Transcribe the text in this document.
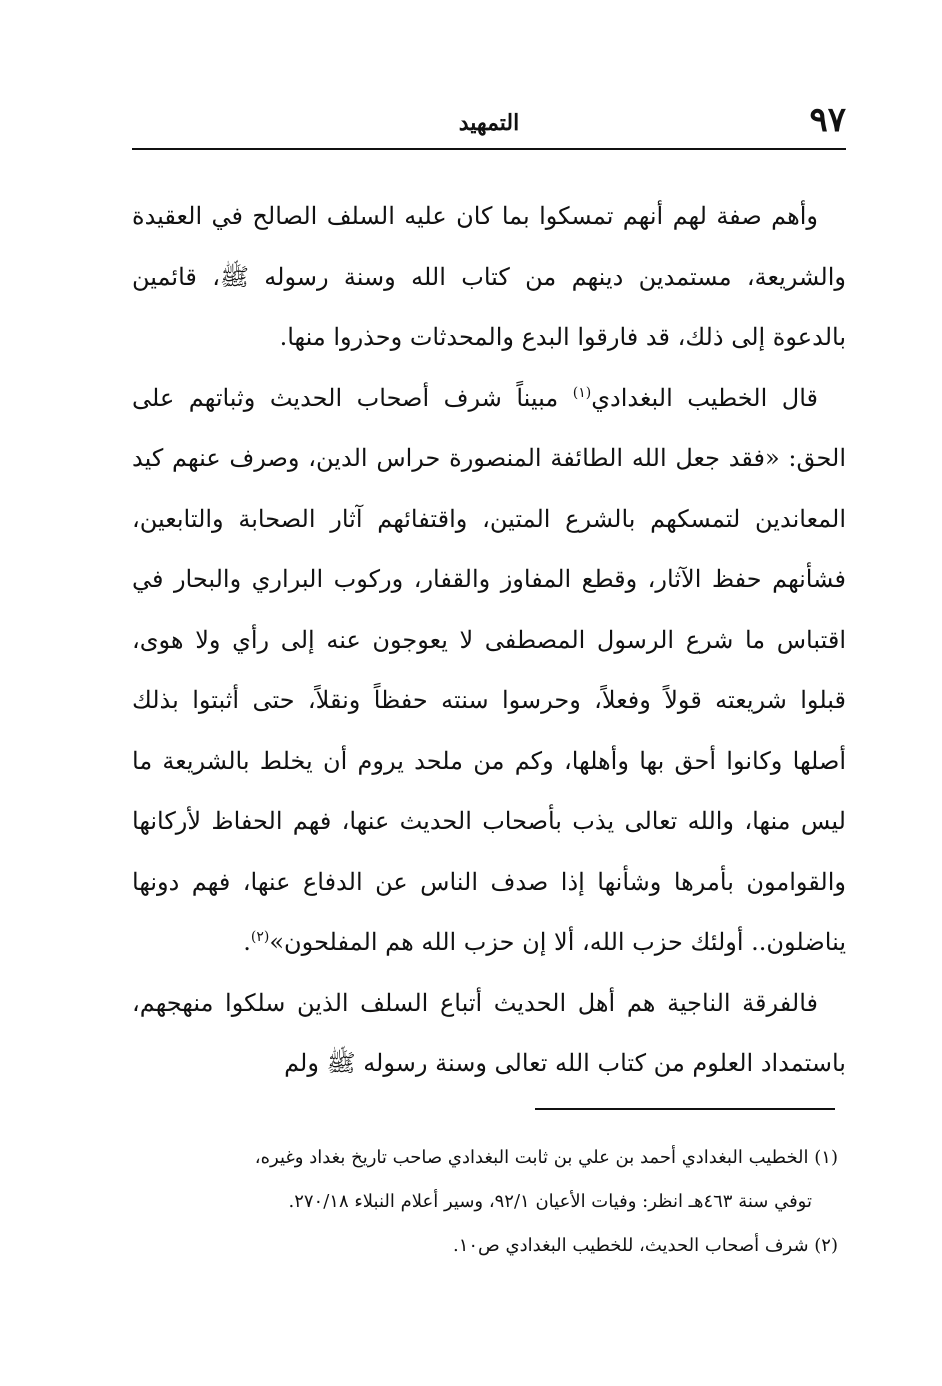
٩٧
التمهيد

وأهم صفة لهم أنهم تمسكوا بما كان عليه السلف الصالح في العقيدة والشريعة، مستمدين دينهم من كتاب الله وسنة رسوله ﷺ، قائمين بالدعوة إلى ذلك، قد فارقوا البدع والمحدثات وحذروا منها.

قال الخطيب البغدادي$^{(١)}$ مبيناً شرف أصحاب الحديث وثباتهم على الحق: «فقد جعل الله الطائفة المنصورة حراس الدين، وصرف عنهم كيد المعاندين لتمسكهم بالشرع المتين، واقتفائهم آثار الصحابة والتابعين، فشأنهم حفظ الآثار، وقطع المفاوز والقفار، وركوب البراري والبحار في اقتباس ما شرع الرسول المصطفى لا يعوجون عنه إلى رأي ولا هوى، قبلوا شريعته قولاً وفعلاً، وحرسوا سنته حفظاً ونقلاً، حتى أثبتوا بذلك أصلها وكانوا أحق بها وأهلها، وكم من ملحد يروم أن يخلط بالشريعة ما ليس منها، والله تعالى يذب بأصحاب الحديث عنها، فهم الحفاظ لأركانها والقوامون بأمرها وشأنها إذا صدف الناس عن الدفاع عنها، فهم دونها يناضلون.. أولئك حزب الله، ألا إن حزب الله هم المفلحون»$^{(٢)}$.

فالفرقة الناجية هم أهل الحديث أتباع السلف الذين سلكوا منهجهم، باستمداد العلوم من كتاب الله تعالى وسنة رسوله ﷺ ولم

(١) الخطيب البغدادي أحمد بن علي بن ثابت البغدادي صاحب تاريخ بغداد وغيره،

توفي سنة ٤٦٣هـ انظر: وفيات الأعيان ٩٢/١، وسير أعلام النبلاء ٢٧٠/١٨.

(٢) شرف أصحاب الحديث، للخطيب البغدادي ص١٠.
